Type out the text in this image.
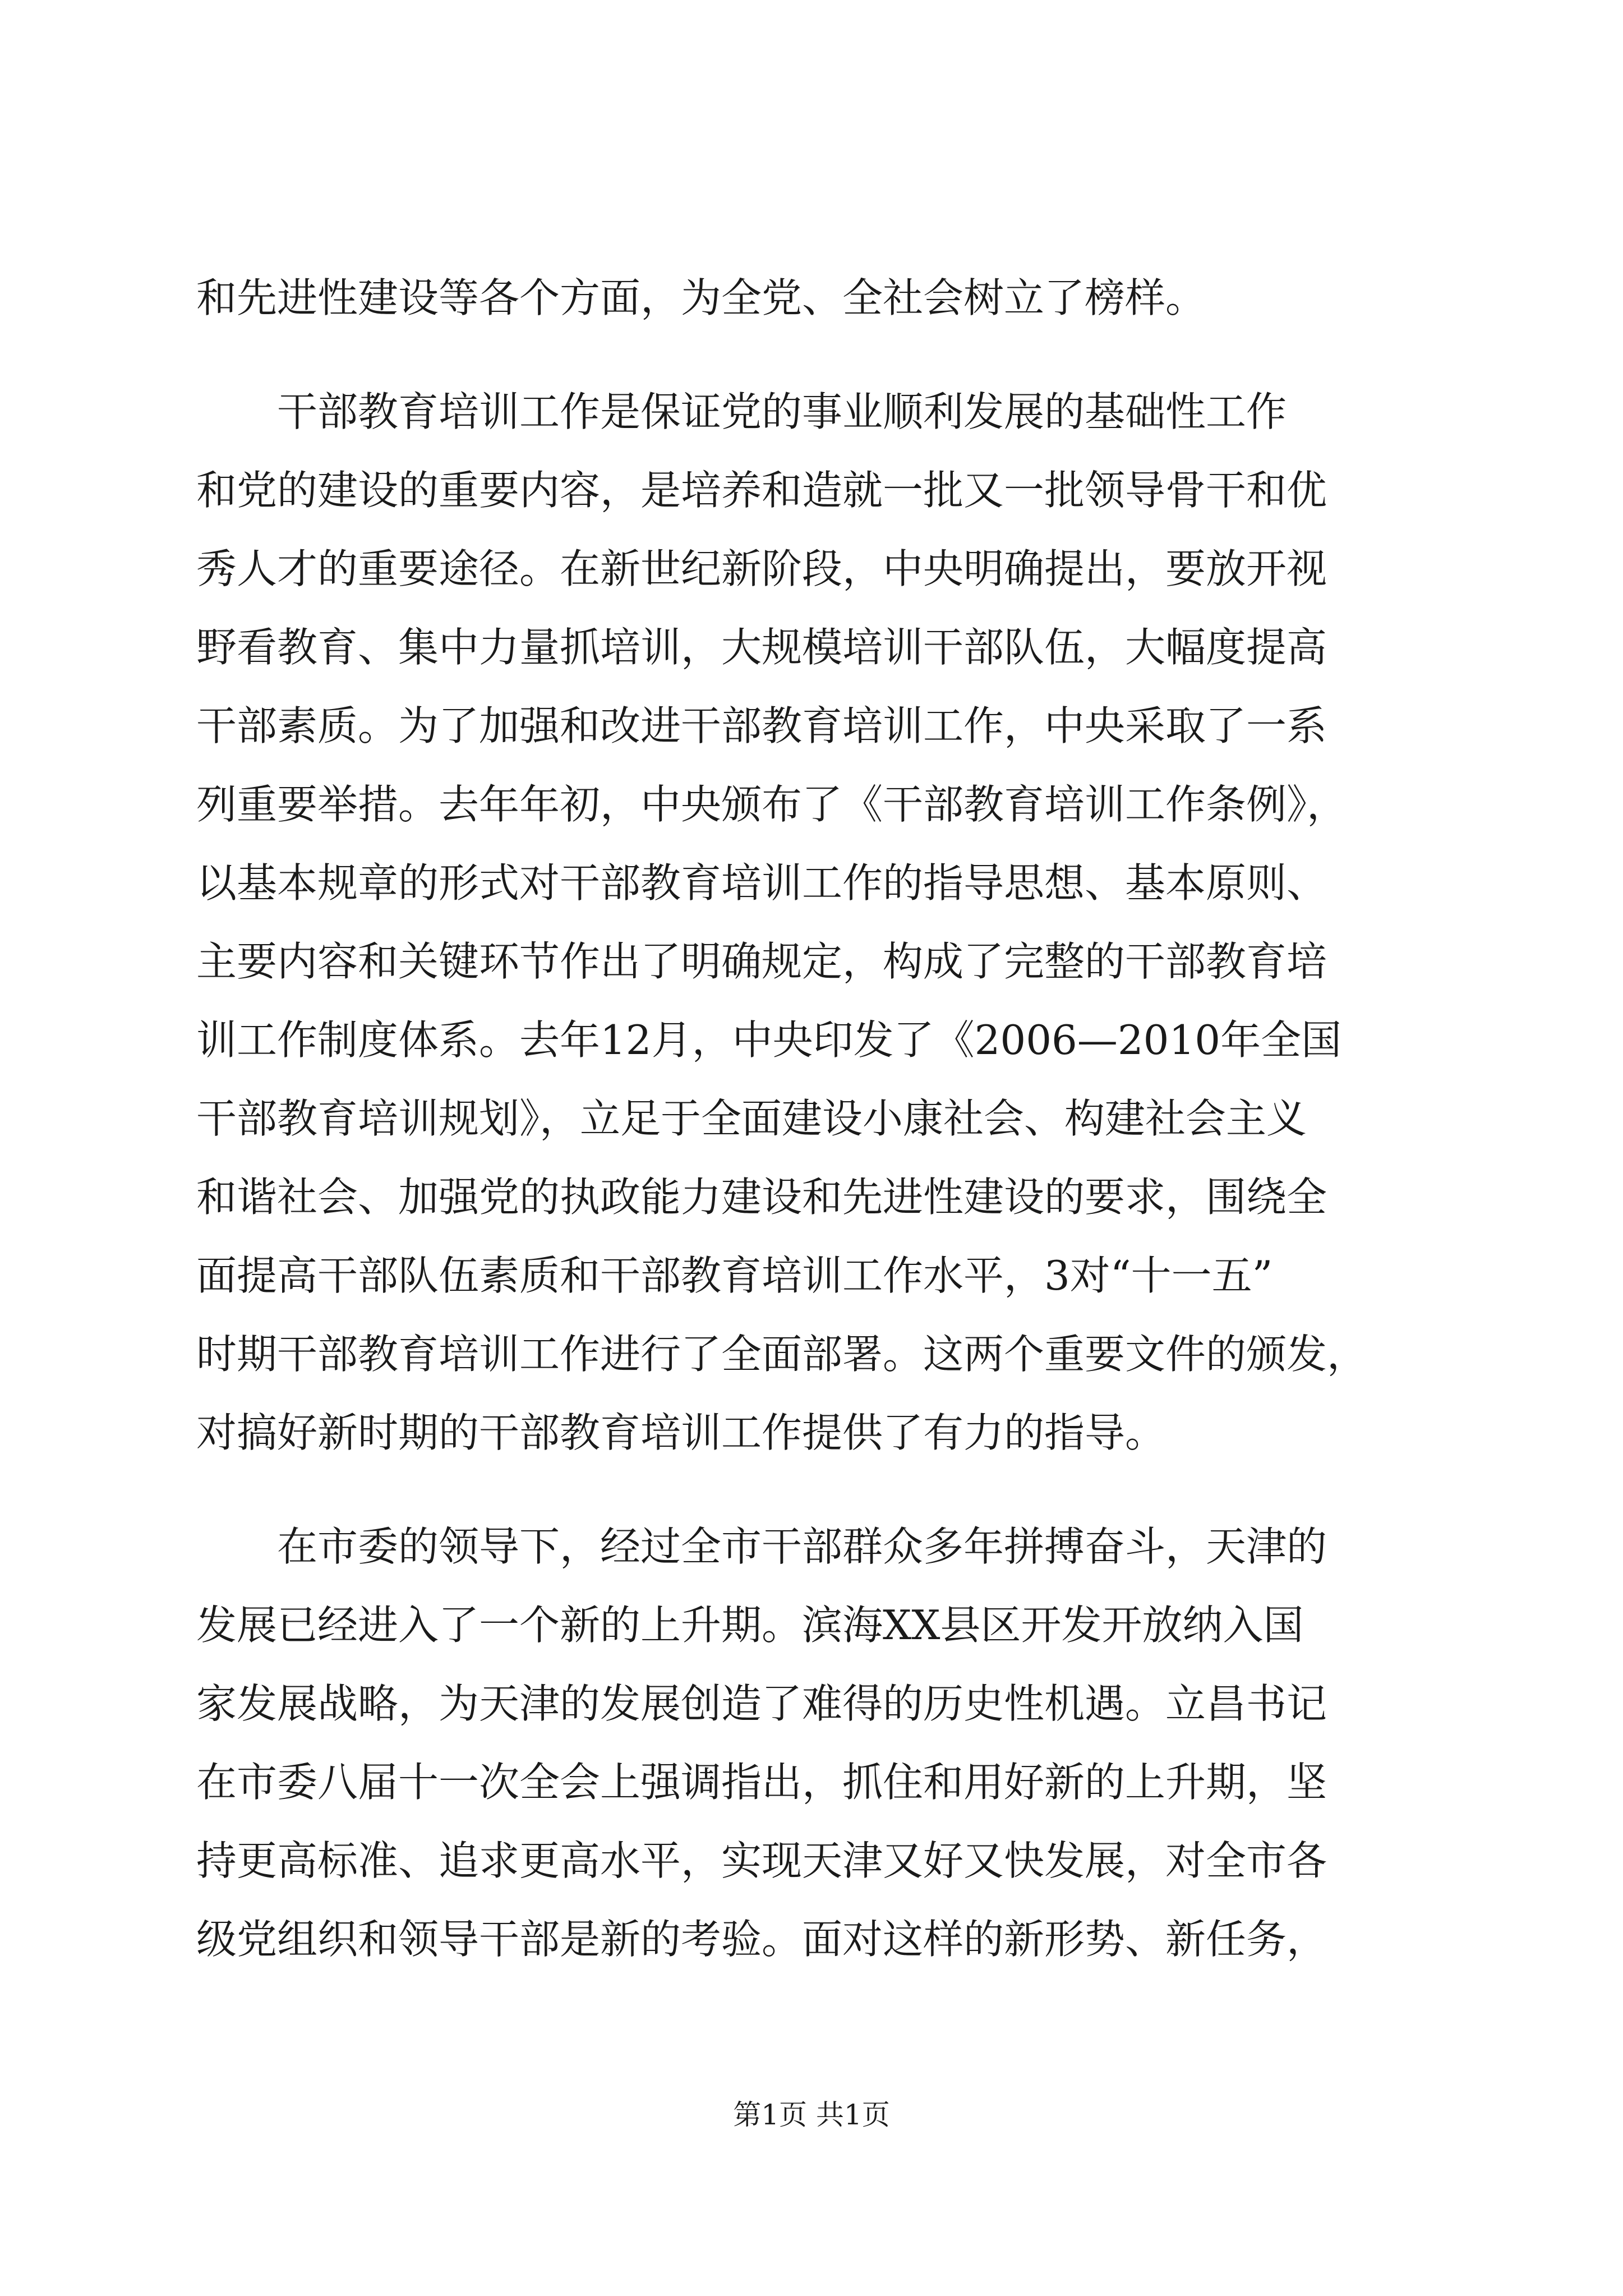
和先进性建设等各个方面，为全党、全社会树立了榜样。
　　干部教育培训工作是保证党的事业顺利发展的基础性工作
和党的建设的重要内容，是培养和造就一批又一批领导骨干和优
秀人才的重要途径。在新世纪新阶段，中央明确提出，要放开视
野看教育、集中力量抓培训，大规模培训干部队伍，大幅度提高
干部素质。为了加强和改进干部教育培训工作，中央采取了一系
列重要举措。去年年初，中央颁布了《干部教育培训工作条例》，
以基本规章的形式对干部教育培训工作的指导思想、基本原则、
主要内容和关键环节作出了明确规定，构成了完整的干部教育培
训工作制度体系。去年12月，中央印发了《2006—2010年全国
干部教育培训规划》，立足于全面建设小康社会、构建社会主义
和谐社会、加强党的执政能力建设和先进性建设的要求，围绕全
面提高干部队伍素质和干部教育培训工作水平，3对“十一五”
时期干部教育培训工作进行了全面部署。这两个重要文件的颁发，
对搞好新时期的干部教育培训工作提供了有力的指导。
　　在市委的领导下，经过全市干部群众多年拼搏奋斗，天津的
发展已经进入了一个新的上升期。滨海XX县区开发开放纳入国
家发展战略，为天津的发展创造了难得的历史性机遇。立昌书记
在市委八届十一次全会上强调指出，抓住和用好新的上升期，坚
持更高标准、追求更高水平，实现天津又好又快发展，对全市各
级党组织和领导干部是新的考验。面对这样的新形势、新任务，
第1页 共1页
